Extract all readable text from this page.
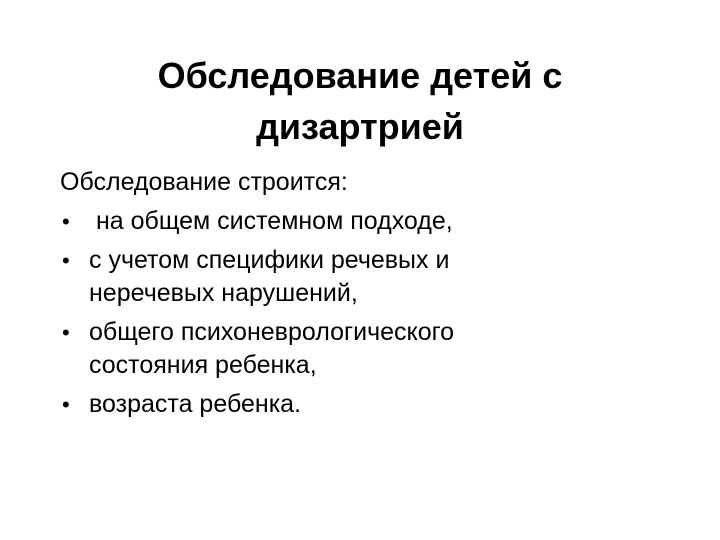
Обследование детей с
дизартрией

Обследование строится:

• на общем системном подходе,
• с учетом специфики речевых и
неречевых нарушений,
• общего психоневрологического
состояния ребенка,
• возраста ребенка.
